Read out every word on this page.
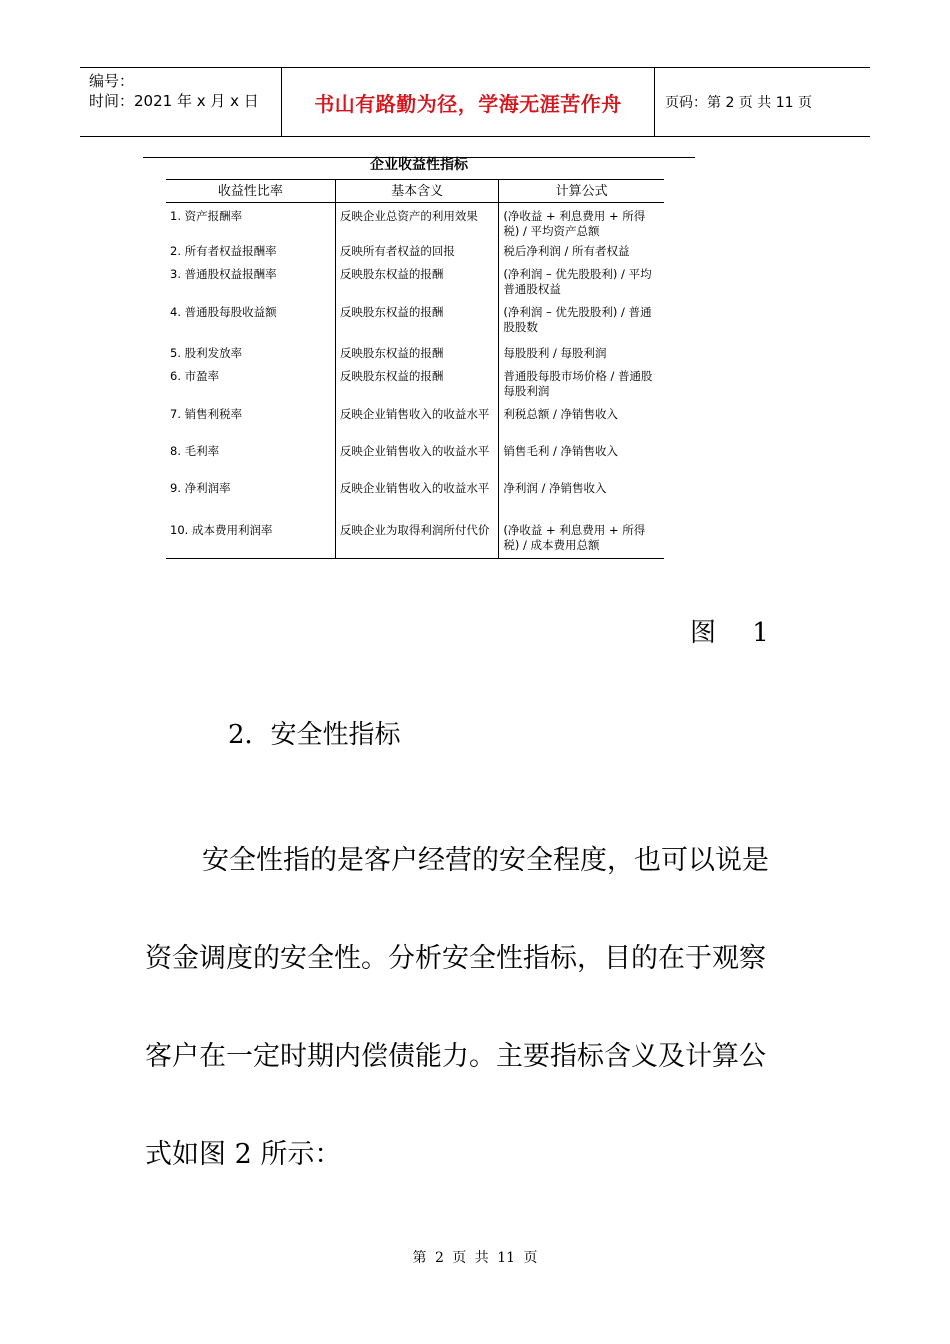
编号：
时间：2021 年 x 月 x 日	书山有路勤为径，学海无涯苦作舟	页码：第 2 页 共 11 页
企业收益性指标
收益性比率	基本含义	计算公式
1. 资产报酬率	反映企业总资产的利用效果	(净收益 + 利息费用 + 所得税) / 平均资产总额
2. 所有者权益报酬率	反映所有者权益的回报	税后净利润 / 所有者权益
3. 普通股权益报酬率	反映股东权益的报酬	(净利润 – 优先股股利) / 平均普通股权益
4. 普通股每股收益额	反映股东权益的报酬	(净利润 – 优先股股利) / 普通股股数
5. 股利发放率	反映股东权益的报酬	每股股利 / 每股利润
6. 市盈率	反映股东权益的报酬	普通股每股市场价格 / 普通股每股利润
7. 销售利税率	反映企业销售收入的收益水平	利税总额 / 净销售收入
8. 毛利率	反映企业销售收入的收益水平	销售毛利 / 净销售收入
9. 净利润率	反映企业销售收入的收益水平	净利润 / 净销售收入
10. 成本费用利润率	反映企业为取得利润所付代价	(净收益 + 利息费用 + 所得税) / 成本费用总额
图 1
2．安全性指标

安全性指的是客户经营的安全程度，也可以说是
资金调度的安全性。分析安全性指标，目的在于观察
客户在一定时期内偿债能力。主要指标含义及计算公
式如图 2 所示：

第 2 页 共 11 页
